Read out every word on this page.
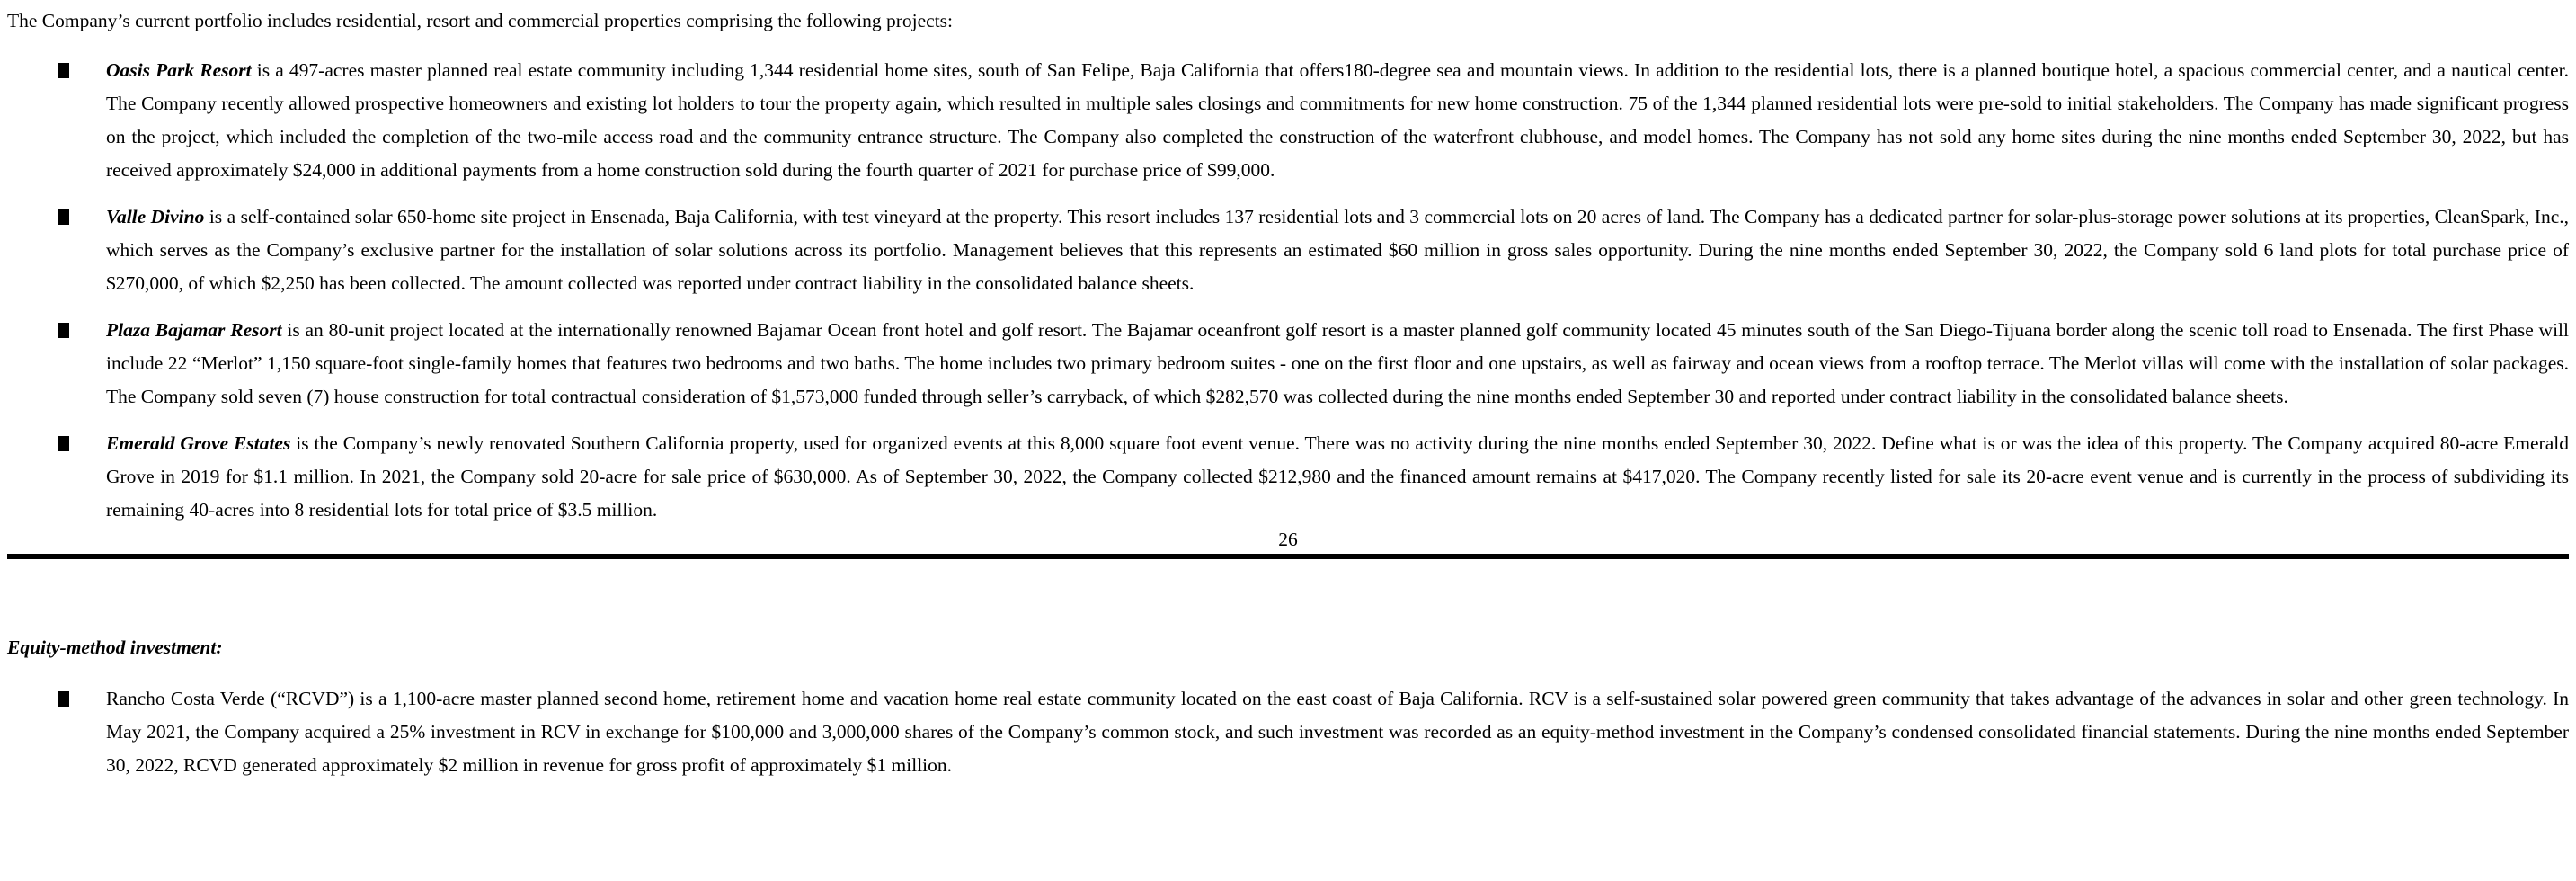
The Company’s current portfolio includes residential, resort and commercial properties comprising the following projects:

Oasis Park Resort is a 497-acres master planned real estate community including 1,344 residential home sites, south of San Felipe, Baja California that offers180-degree sea and mountain views. In addition to the residential lots, there is a planned boutique hotel, a spacious commercial center, and a nautical center. The Company recently allowed prospective homeowners and existing lot holders to tour the property again, which resulted in multiple sales closings and commitments for new home construction. 75 of the 1,344 planned residential lots were pre-sold to initial stakeholders. The Company has made significant progress on the project, which included the completion of the two-mile access road and the community entrance structure. The Company also completed the construction of the waterfront clubhouse, and model homes. The Company has not sold any home sites during the nine months ended September 30, 2022, but has received approximately $24,000 in additional payments from a home construction sold during the fourth quarter of 2021 for purchase price of $99,000.
Valle Divino is a self-contained solar 650-home site project in Ensenada, Baja California, with test vineyard at the property. This resort includes 137 residential lots and 3 commercial lots on 20 acres of land. The Company has a dedicated partner for solar-plus-storage power solutions at its properties, CleanSpark, Inc., which serves as the Company’s exclusive partner for the installation of solar solutions across its portfolio. Management believes that this represents an estimated $60 million in gross sales opportunity. During the nine months ended September 30, 2022, the Company sold 6 land plots for total purchase price of $270,000, of which $2,250 has been collected. The amount collected was reported under contract liability in the consolidated balance sheets.
Plaza Bajamar Resort is an 80-unit project located at the internationally renowned Bajamar Ocean front hotel and golf resort. The Bajamar oceanfront golf resort is a master planned golf community located 45 minutes south of the San Diego-Tijuana border along the scenic toll road to Ensenada. The first Phase will include 22 “Merlot” 1,150 square-foot single-family homes that features two bedrooms and two baths. The home includes two primary bedroom suites - one on the first floor and one upstairs, as well as fairway and ocean views from a rooftop terrace. The Merlot villas will come with the installation of solar packages. The Company sold seven (7) house construction for total contractual consideration of $1,573,000 funded through seller’s carryback, of which $282,570 was collected during the nine months ended September 30 and reported under contract liability in the consolidated balance sheets.
Emerald Grove Estates is the Company’s newly renovated Southern California property, used for organized events at this 8,000 square foot event venue. There was no activity during the nine months ended September 30, 2022. Define what is or was the idea of this property. The Company acquired 80-acre Emerald Grove in 2019 for $1.1 million. In 2021, the Company sold 20-acre for sale price of $630,000. As of September 30, 2022, the Company collected $212,980 and the financed amount remains at $417,020. The Company recently listed for sale its 20-acre event venue and is currently in the process of subdividing its remaining 40-acres into 8 residential lots for total price of $3.5 million.
26

Equity-method investment:

Rancho Costa Verde (“RCVD”) is a 1,100-acre master planned second home, retirement home and vacation home real estate community located on the east coast of Baja California. RCV is a self-sustained solar powered green community that takes advantage of the advances in solar and other green technology. In May 2021, the Company acquired a 25% investment in RCV in exchange for $100,000 and 3,000,000 shares of the Company’s common stock, and such investment was recorded as an equity-method investment in the Company’s condensed consolidated financial statements. During the nine months ended September 30, 2022, RCVD generated approximately $2 million in revenue for gross profit of approximately $1 million.
